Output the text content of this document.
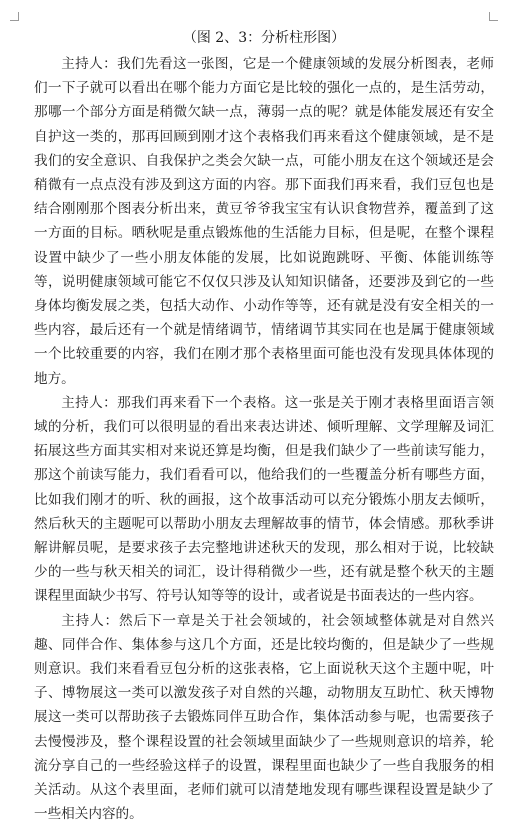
（图 2、3：分析柱形图）

主持人：我们先看这一张图，它是一个健康领域的发展分析图表，老师们一下子就可以看出在哪个能力方面它是比较的强化一点的，是生活劳动，那哪一个部分方面是稍微欠缺一点，薄弱一点的呢？就是体能发展还有安全自护这一类的，那再回顾到刚才这个表格我们再来看这个健康领域，是不是我们的安全意识、自我保护之类会欠缺一点，可能小朋友在这个领域还是会稍微有一点点没有涉及到这方面的内容。那下面我们再来看，我们豆包也是结合刚刚那个图表分析出来，黄豆爷爷我宝宝有认识食物营养，覆盖到了这一方面的目标。晒秋呢是重点锻炼他的生活能力目标，但是呢，在整个课程设置中缺少了一些小朋友体能的发展，比如说跑跳呀、平衡、体能训练等等，说明健康领域可能它不仅仅只涉及认知知识储备，还要涉及到它的一些身体均衡发展之类，包括大动作、小动作等等，还有就是没有安全相关的一些内容，最后还有一个就是情绪调节，情绪调节其实同在也是属于健康领域一个比较重要的内容，我们在刚才那个表格里面可能也没有发现具体体现的地方。

主持人：那我们再来看下一个表格。这一张是关于刚才表格里面语言领域的分析，我们可以很明显的看出来表达讲述、倾听理解、文学理解及词汇拓展这些方面其实相对来说还算是均衡，但是我们缺少了一些前读写能力，那这个前读写能力，我们看看可以，他给我们的一些覆盖分析有哪些方面，比如我们刚才的听、秋的画报，这个故事活动可以充分锻炼小朋友去倾听，然后秋天的主题呢可以帮助小朋友去理解故事的情节，体会情感。那秋季讲解讲解员呢，是要求孩子去完整地讲述秋天的发现，那么相对于说，比较缺少的一些与秋天相关的词汇，设计得稍微少一些，还有就是整个秋天的主题课程里面缺少书写、符号认知等等的设计，或者说是书面表达的一些内容。

主持人：然后下一章是关于社会领域的，社会领域整体就是对自然兴趣、同伴合作、集体参与这几个方面，还是比较均衡的，但是缺少了一些规则意识。我们来看看豆包分析的这张表格，它上面说秋天这个主题中呢，叶子、博物展这一类可以激发孩子对自然的兴趣，动物朋友互助忙、秋天博物展这一类可以帮助孩子去锻炼同伴互助合作，集体活动参与呢，也需要孩子去慢慢涉及，整个课程设置的社会领域里面缺少了一些规则意识的培养，轮流分享自己的一些经验这样子的设置，课程里面也缺少了一些自我服务的相关活动。从这个表里面，老师们就可以清楚地发现有哪些课程设置是缺少了一些相关内容的。
